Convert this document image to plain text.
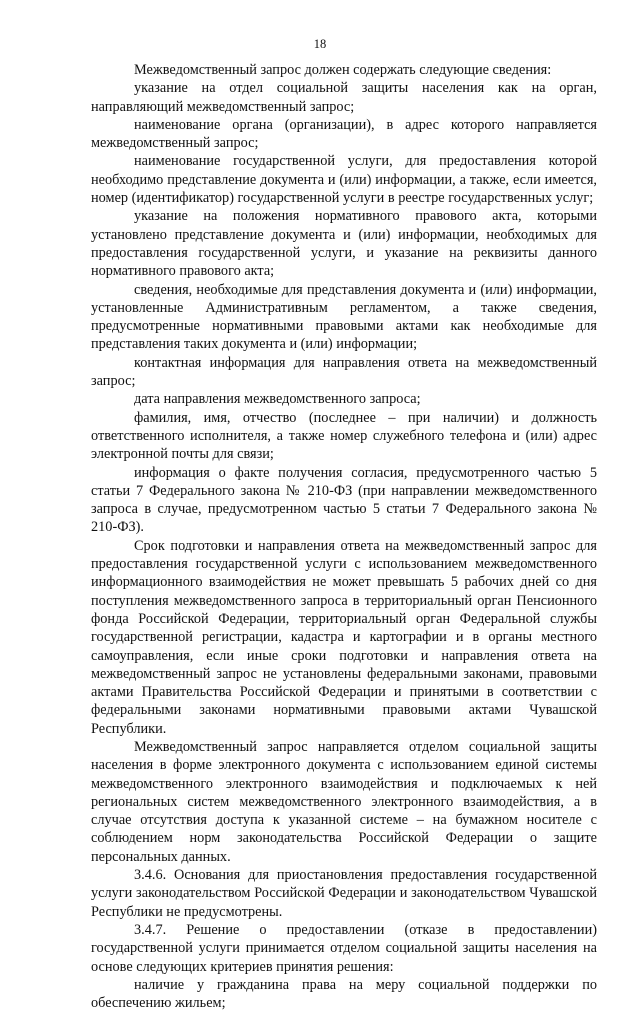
18

Межведомственный запрос должен содержать следующие сведения:

указание на отдел социальной защиты населения как на орган, направляющий межведомственный запрос;

наименование органа (организации), в адрес которого направляется межведомственный запрос;

наименование государственной услуги, для предоставления которой необходимо представление документа и (или) информации, а также, если имеется, номер (идентификатор) государственной услуги в реестре государственных услуг;

указание на положения нормативного правового акта, которыми установлено представление документа и (или) информации, необходимых для предоставления государственной услуги, и указание на реквизиты данного нормативного правового акта;

сведения, необходимые для представления документа и (или) информации, установленные Административным регламентом, а также сведения, предусмотренные нормативными правовыми актами как необходимые для представления таких документа и (или) информации;

контактная информация для направления ответа на межведомственный запрос;

дата направления межведомственного запроса;

фамилия, имя, отчество (последнее – при наличии) и должность ответственного исполнителя, а также номер служебного телефона и (или) адрес электронной почты для связи;

информация о факте получения согласия, предусмотренного частью 5 статьи 7 Федерального закона № 210-ФЗ (при направлении межведомственного запроса в случае, предусмотренном частью 5 статьи 7 Федерального закона № 210-ФЗ).

Срок подготовки и направления ответа на межведомственный запрос для предоставления государственной услуги с использованием межведомственного информационного взаимодействия не может превышать 5 рабочих дней со дня поступления межведомственного запроса в территориальный орган Пенсионного фонда Российской Федерации, территориальный орган Федеральной службы государственной регистрации, кадастра и картографии и в органы местного самоуправления, если иные сроки подготовки и направления ответа на межведомственный запрос не установлены федеральными законами, правовыми актами Правительства Российской Федерации и принятыми в соответствии с федеральными законами нормативными правовыми актами Чувашской Республики.

Межведомственный запрос направляется отделом социальной защиты населения в форме электронного документа с использованием единой системы межведомственного электронного взаимодействия и подключаемых к ней региональных систем межведомственного электронного взаимодействия, а в случае отсутствия доступа к указанной системе – на бумажном носителе с соблюдением норм законодательства Российской Федерации о защите персональных данных.

3.4.6. Основания для приостановления предоставления государственной услуги законодательством Российской Федерации и законодательством Чувашской Республики не предусмотрены.

3.4.7. Решение о предоставлении (отказе в предоставлении) государственной услуги принимается отделом социальной защиты населения на основе следующих критериев принятия решения:

наличие у гражданина права на меру социальной поддержки по обеспечению жильем;
